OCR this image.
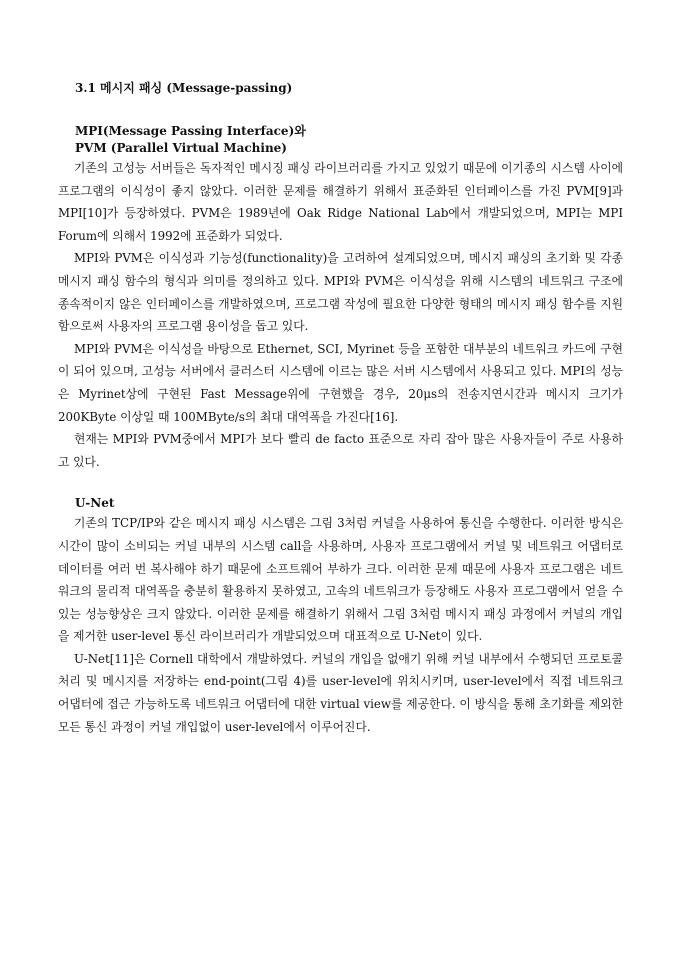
3.1 메시지 패싱 (Message-passing)

MPI(Message Passing Interface)와

PVM (Parallel Virtual Machine)

기존의 고성능 서버들은 독자적인 메시징 패싱 라이브러리를 가지고 있었기 때문에 이기종의 시스템 사이에 프로그램의 이식성이 좋지 않았다. 이러한 문제를 해결하기 위해서 표준화된 인터페이스를 가진 PVM[9]과 MPI[10]가 등장하였다. PVM은 1989년에 Oak Ridge National Lab에서 개발되었으며, MPI는 MPI Forum에 의해서 1992에 표준화가 되었다.

MPI와 PVM은 이식성과 기능성(functionality)을 고려하여 설계되었으며, 메시지 패싱의 초기화 및 각종 메시지 패싱 함수의 형식과 의미를 정의하고 있다. MPI와 PVM은 이식성을 위해 시스템의 네트워크 구조에 종속적이지 않은 인터페이스를 개발하였으며, 프로그램 작성에 필요한 다양한 형태의 메시지 패싱 함수를 지원함으로써 사용자의 프로그램 용이성을 돕고 있다.

MPI와 PVM은 이식성을 바탕으로 Ethernet, SCI, Myrinet 등을 포함한 대부분의 네트워크 카드에 구현이 되어 있으며, 고성능 서버에서 클러스터 시스템에 이르는 많은 서버 시스템에서 사용되고 있다. MPI의 성능은 Myrinet상에 구현된 Fast Message위에 구현했을 경우, 20μs의 전송지연시간과 메시지 크기가 200KByte 이상일 때 100MByte/s의 최대 대역폭을 가진다[16].

현재는 MPI와 PVM중에서 MPI가 보다 빨리 de facto 표준으로 자리 잡아 많은 사용자들이 주로 사용하고 있다.

U-Net

기존의 TCP/IP와 같은 메시지 패싱 시스템은 그림 3처럼 커널을 사용하여 통신을 수행한다. 이러한 방식은 시간이 많이 소비되는 커널 내부의 시스템 call을 사용하며, 사용자 프로그램에서 커널 및 네트워크 어댑터로 데이터를 여러 번 복사해야 하기 때문에 소프트웨어 부하가 크다. 이러한 문제 때문에 사용자 프로그램은 네트워크의 물리적 대역폭을 충분히 활용하지 못하였고, 고속의 네트워크가 등장해도 사용자 프로그램에서 얻을 수 있는 성능향상은 크지 않았다. 이러한 문제를 해결하기 위해서 그림 3처럼 메시지 패싱 과정에서 커널의 개입을 제거한 user-level 통신 라이브러리가 개발되었으며 대표적으로 U-Net이 있다.

U-Net[11]은 Cornell 대학에서 개발하였다. 커널의 개입을 없애기 위해 커널 내부에서 수행되던 프로토콜 처리 및 메시지를 저장하는 end-point(그림 4)를 user-level에 위치시키며, user-level에서 직접 네트워크 어댑터에 접근 가능하도록 네트워크 어댑터에 대한 virtual view를 제공한다. 이 방식을 통해 초기화를 제외한 모든 통신 과정이 커널 개입없이 user-level에서 이루어진다.
